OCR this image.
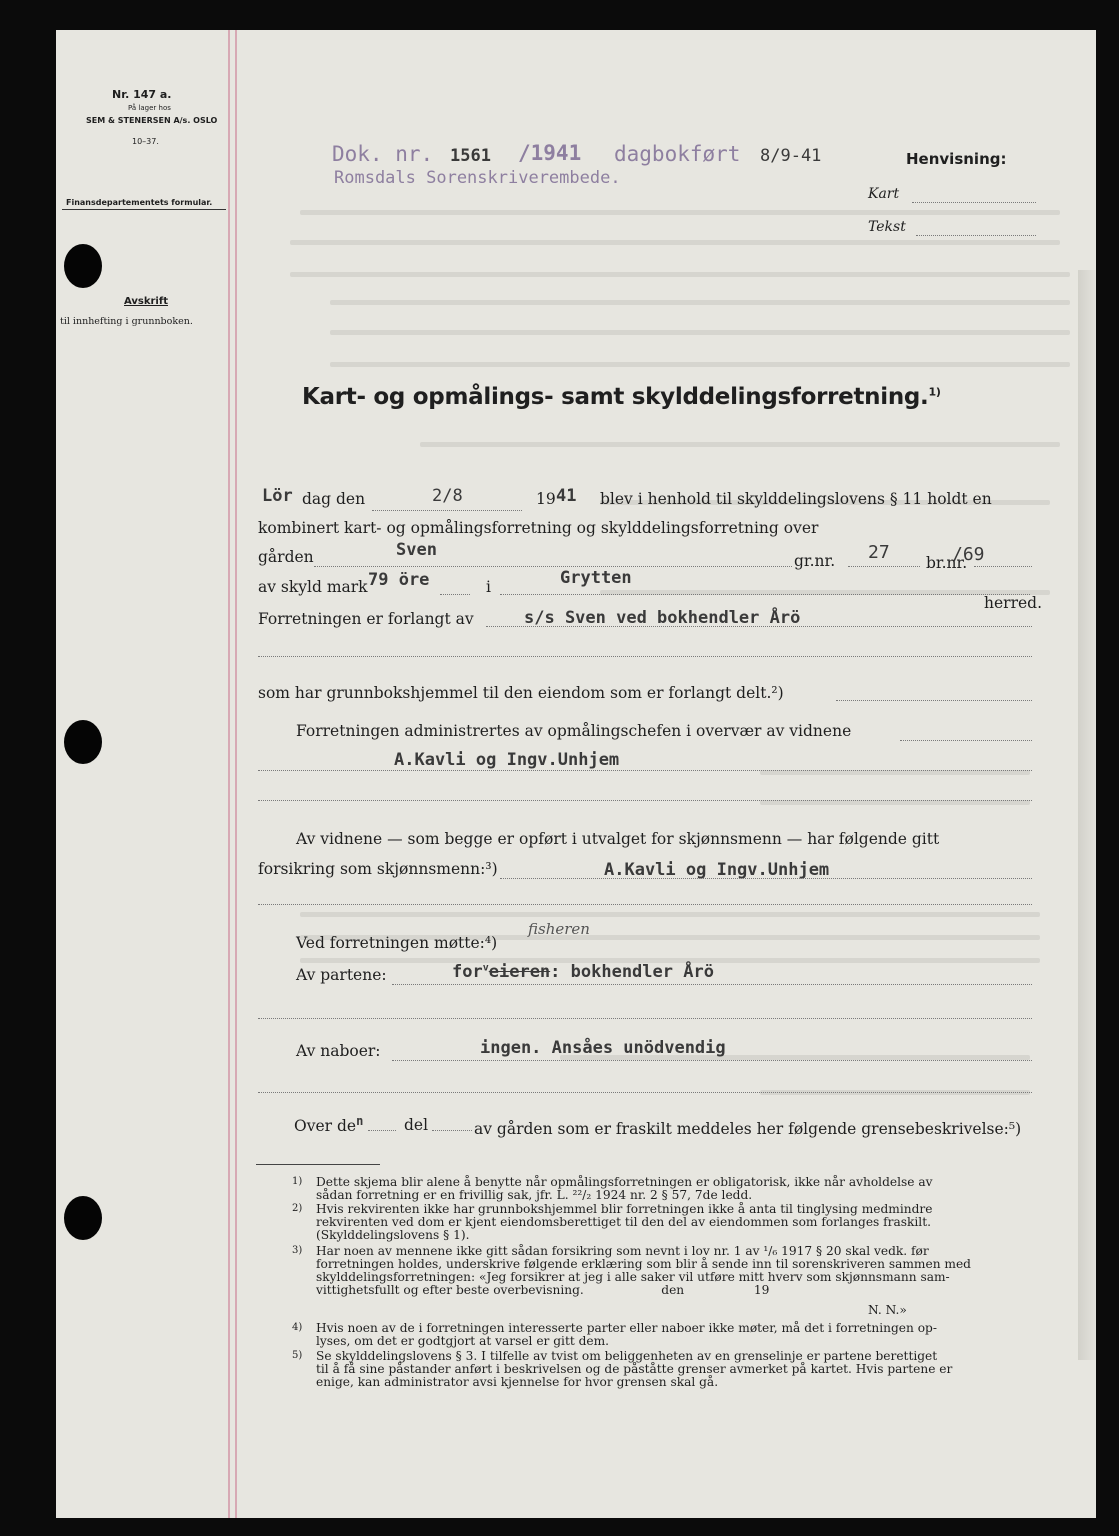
Nr. 147 a.
På lager hos
SEM & STENERSEN A/s. OSLO
10–37.
Finansdepartementets formular.
Avskrift
til innhefting i grunnboken.
Dok. nr. 1561 /1941 dagbokført 8/9-41
Romsdals Sorenskriverembede.
Henvisning:
Kart
Tekst
Kart- og opmålings- samt skylddelingsforretning.$^{1)}$
Lör dag den	2/8	19 41 blev i henhold til skylddelingslovens § 11 holdt en
kombinert kart- og opmålingsforretning og skylddelingsforretning over
gården	Sven
gr.nr. 27 br.nr.
/69
av skyld mark 79 öre	i	Grytten
herred.
Forretningen er forlangt av	s/s Sven ved bokhendler Årö
som har grunnbokshjemmel til den eiendom som er forlangt delt.²)
Forretningen administrertes av opmålingschefen i overvær av vidnene
A.Kavli og Ingv.Unhjem
Av vidnene — som begge er opført i utvalget for skjønnsmenn — har følgende gitt
forsikring som skjønnsmenn:³)	A.Kavli og Ingv.Unhjem
Ved forretningen møtte:⁴)
fisheren
Av partene:	for$^v$eieren: bokhendler Årö
Av naboer:	ingen. Ansåes unödvendig
Over $de^n$	del	av gården som er fraskilt meddeles her følgende grensebeskrivelse:⁵)
1) Dette skjema blir alene å benytte når opmålingsforretningen er obligatorisk, ikke når avholdelse av
sådan forretning er en frivillig sak, jfr. L. ²²/₂ 1924 nr. 2 § 57, 7de ledd.
2) Hvis rekvirenten ikke har grunnbokshjemmel blir forretningen ikke å anta til tinglysing medmindre
rekvirenten ved dom er kjent eiendomsberettiget til den del av eiendommen som forlanges fraskilt.
(Skylddelingslovens § 1).
3) Har noen av mennene ikke gitt sådan forsikring som nevnt i lov nr. 1 av ¹/₆ 1917 § 20 skal vedk. før
forretningen holdes, underskrive følgende erklæring som blir å sende inn til sorenskriveren sammen med
skylddelingsforretningen: «Jeg forsikrer at jeg i alle saker vil utføre mitt hverv som skjønnsmann sam-
vittighetsfullt og efter beste overbevisning.                    den                  19
N. N.»
4) Hvis noen av de i forretningen interesserte parter eller naboer ikke møter, må det i forretningen op-
lyses, om det er godtgjort at varsel er gitt dem.
5) Se skylddelingslovens § 3. I tilfelle av tvist om beliggenheten av en grenselinje er partene berettiget
til å få sine påstander anført i beskrivelsen og de påståtte grenser avmerket på kartet. Hvis partene er
enige, kan administrator avsi kjennelse for hvor grensen skal gå.
